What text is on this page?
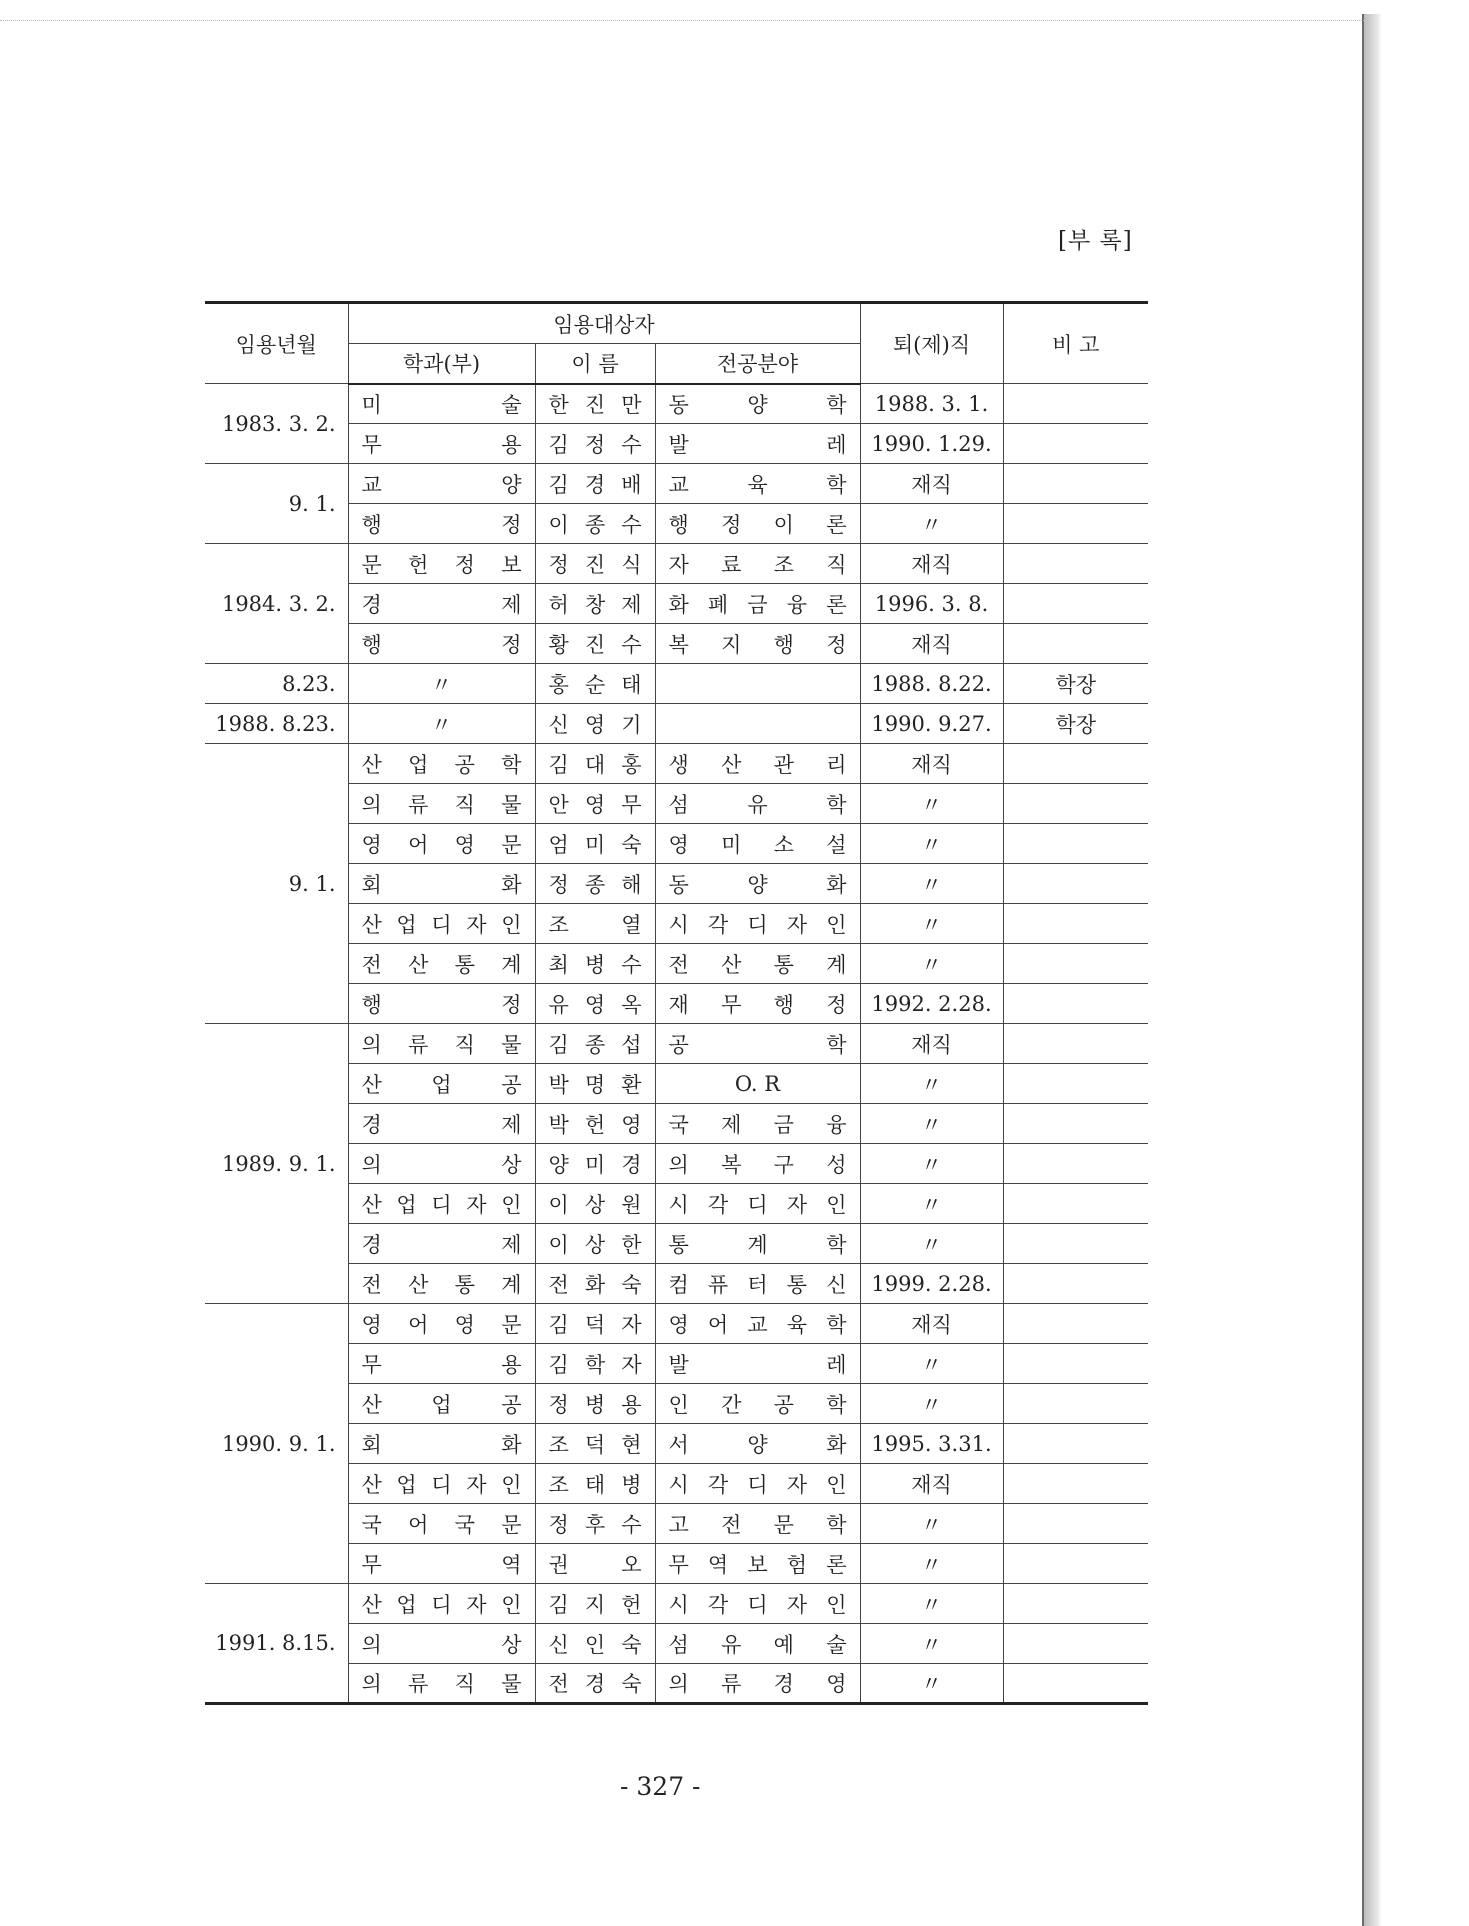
[부 록]
임용년월	임용대상자			퇴(제)직	비 고
	학과(부)	이 름	전공분야		
1983. 3. 2.	미 술	한 진 만	동 양 학	1988. 3. 1.	

	무 용	김 정 수	발 레	1990. 1.29.	
9. 1.	교 양	김 경 배	교 육 학	재직	

	행 정	이 종 수	행 정 이 론	〃	
1984. 3. 2.	문 헌 정 보	정 진 식	자 료 조 직	재직	

	경 제	허 창 제	화 폐 금 융 론	1996. 3. 8.	

	행 정	황 진 수	복 지 행 정	재직	
8.23.	〃	홍 순 태		1988. 8.22.	학장
1988. 8.23.	〃	신 영 기		1990. 9.27.	학장
9. 1.	산 업 공 학	김 대 홍	생 산 관 리	재직	

	의 류 직 물	안 영 무	섬 유 학	〃	

	영 어 영 문	엄 미 숙	영 미 소 설	〃	

	회 화	정 종 해	동 양 화	〃	

	산 업 디 자 인	조 열	시 각 디 자 인	〃	

	전 산 통 계	최 병 수	전 산 통 계	〃	

	행 정	유 영 옥	재 무 행 정	1992. 2.28.	
1989. 9. 1.	의 류 직 물	김 종 섭	공 학	재직	

	산 업 공	박 명 환	O. R	〃	

	경 제	박 헌 영	국 제 금 융	〃	

	의 상	양 미 경	의 복 구 성	〃	

	산 업 디 자 인	이 상 원	시 각 디 자 인	〃	

	경 제	이 상 한	통 계 학	〃	

	전 산 통 계	전 화 숙	컴 퓨 터 통 신	1999. 2.28.	
1990. 9. 1.	영 어 영 문	김 덕 자	영 어 교 육 학	재직	

	무 용	김 학 자	발 레	〃	

	산 업 공	정 병 용	인 간 공 학	〃	

	회 화	조 덕 현	서 양 화	1995. 3.31.	

	산 업 디 자 인	조 태 병	시 각 디 자 인	재직	

	국 어 국 문	정 후 수	고 전 문 학	〃	

	무 역	권 오	무 역 보 험 론	〃	
1991. 8.15.	산 업 디 자 인	김 지 헌	시 각 디 자 인	〃	

	의 상	신 인 숙	섬 유 예 술	〃	

	의 류 직 물	전 경 숙	의 류 경 영	〃	
- 327 -
